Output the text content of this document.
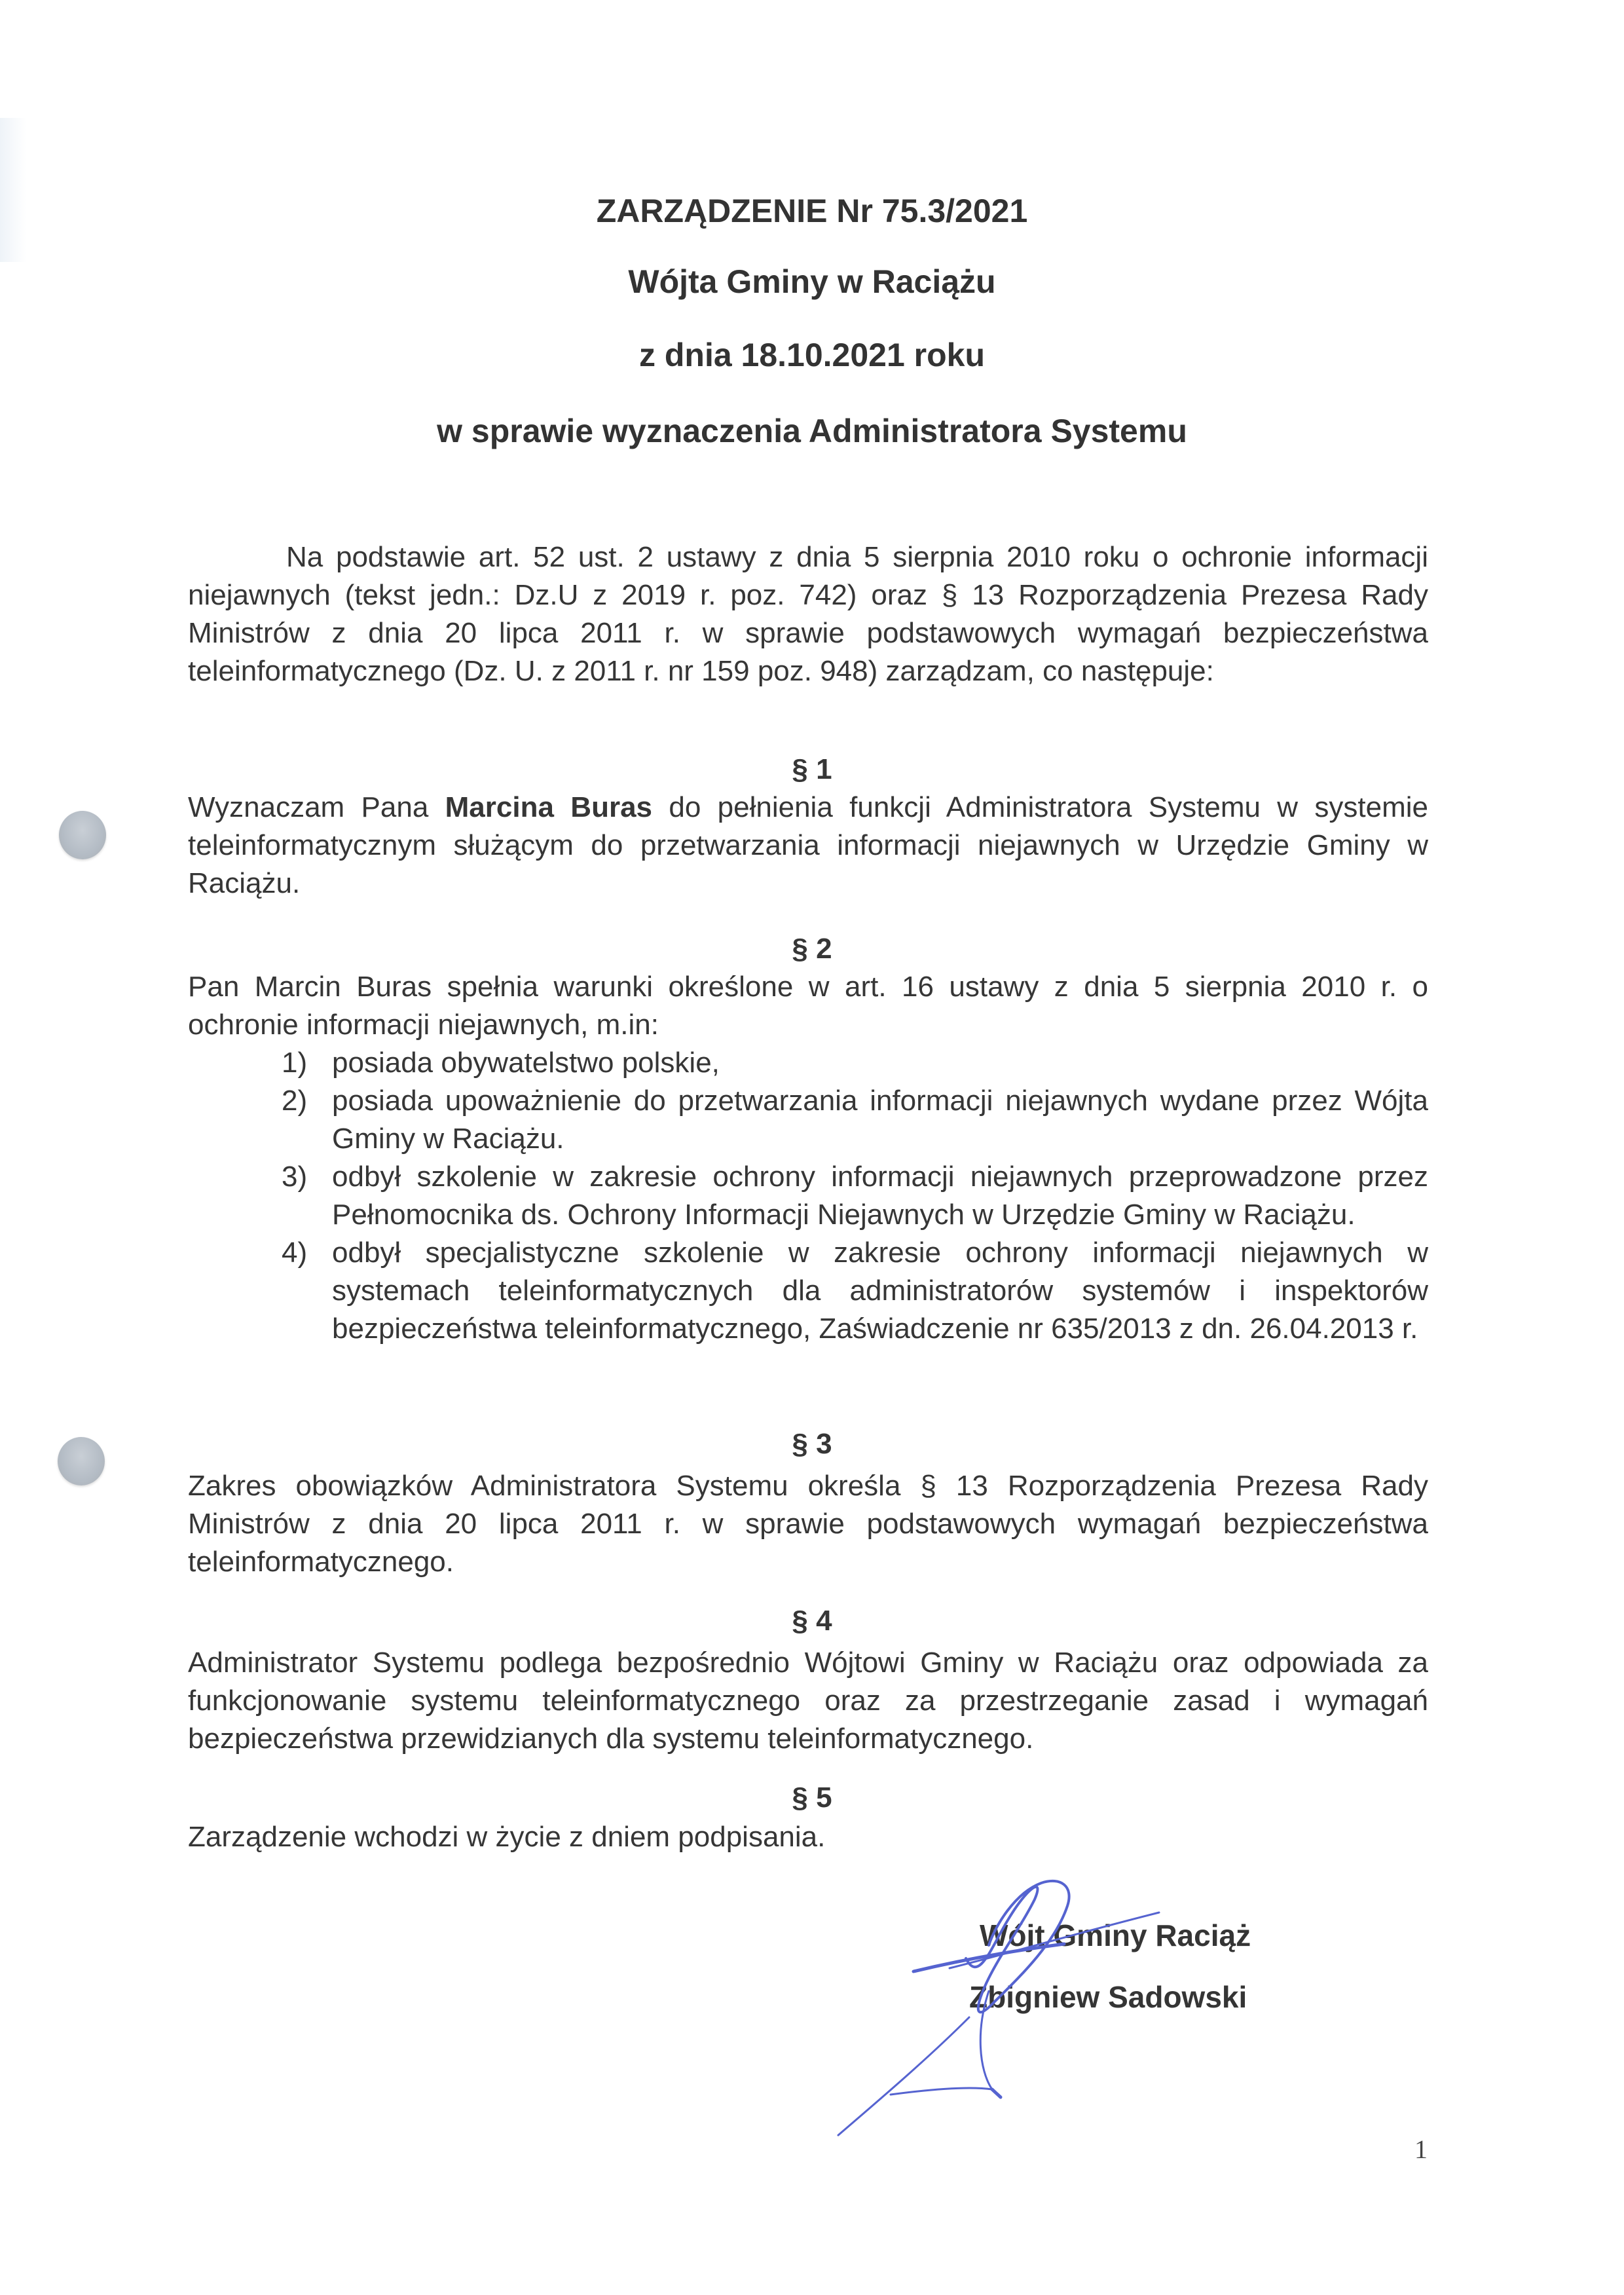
ZARZĄDZENIE Nr 75.3/2021
Wójta Gminy w Raciążu
z dnia 18.10.2021 roku
w sprawie wyznaczenia Administratora Systemu

Na podstawie art. 52 ust. 2 ustawy z dnia 5 sierpnia 2010 roku o ochronie informacji niejawnych (tekst jedn.: Dz.U z 2019 r. poz. 742) oraz § 13 Rozporządzenia Prezesa Rady Ministrów z dnia 20 lipca 2011 r. w sprawie podstawowych wymagań bezpieczeństwa teleinformatycznego (Dz. U. z 2011 r. nr 159 poz. 948) zarządzam, co następuje:

§ 1

Wyznaczam Pana Marcina Buras do pełnienia funkcji Administratora Systemu w systemie teleinformatycznym służącym do przetwarzania informacji niejawnych w Urzędzie Gminy w Raciążu.

§ 2

Pan Marcin Buras spełnia warunki określone w art. 16 ustawy z dnia 5 sierpnia 2010 r. o ochronie informacji niejawnych, m.in:

1) posiada obywatelstwo polskie,

2) posiada upoważnienie do przetwarzania informacji niejawnych wydane przez Wójta Gminy w Raciążu.

3) odbył szkolenie w zakresie ochrony informacji niejawnych przeprowadzone przez Pełnomocnika ds. Ochrony Informacji Niejawnych w Urzędzie Gminy w Raciążu.

4) odbył specjalistyczne szkolenie w zakresie ochrony informacji niejawnych w systemach teleinformatycznych dla administratorów systemów i inspektorów bezpieczeństwa teleinformatycznego, Zaświadczenie nr 635/2013 z dn. 26.04.2013 r.

§ 3

Zakres obowiązków Administratora Systemu określa § 13 Rozporządzenia Prezesa Rady Ministrów z dnia 20 lipca 2011 r. w sprawie podstawowych wymagań bezpieczeństwa teleinformatycznego.

§ 4

Administrator Systemu podlega bezpośrednio Wójtowi Gminy w Raciążu oraz odpowiada za funkcjonowanie systemu teleinformatycznego oraz za przestrzeganie zasad i wymagań bezpieczeństwa przewidzianych dla systemu teleinformatycznego.

§ 5

Zarządzenie wchodzi w życie z dniem podpisania.

Wójt Gminy Raciąż
Zbigniew Sadowski
1
